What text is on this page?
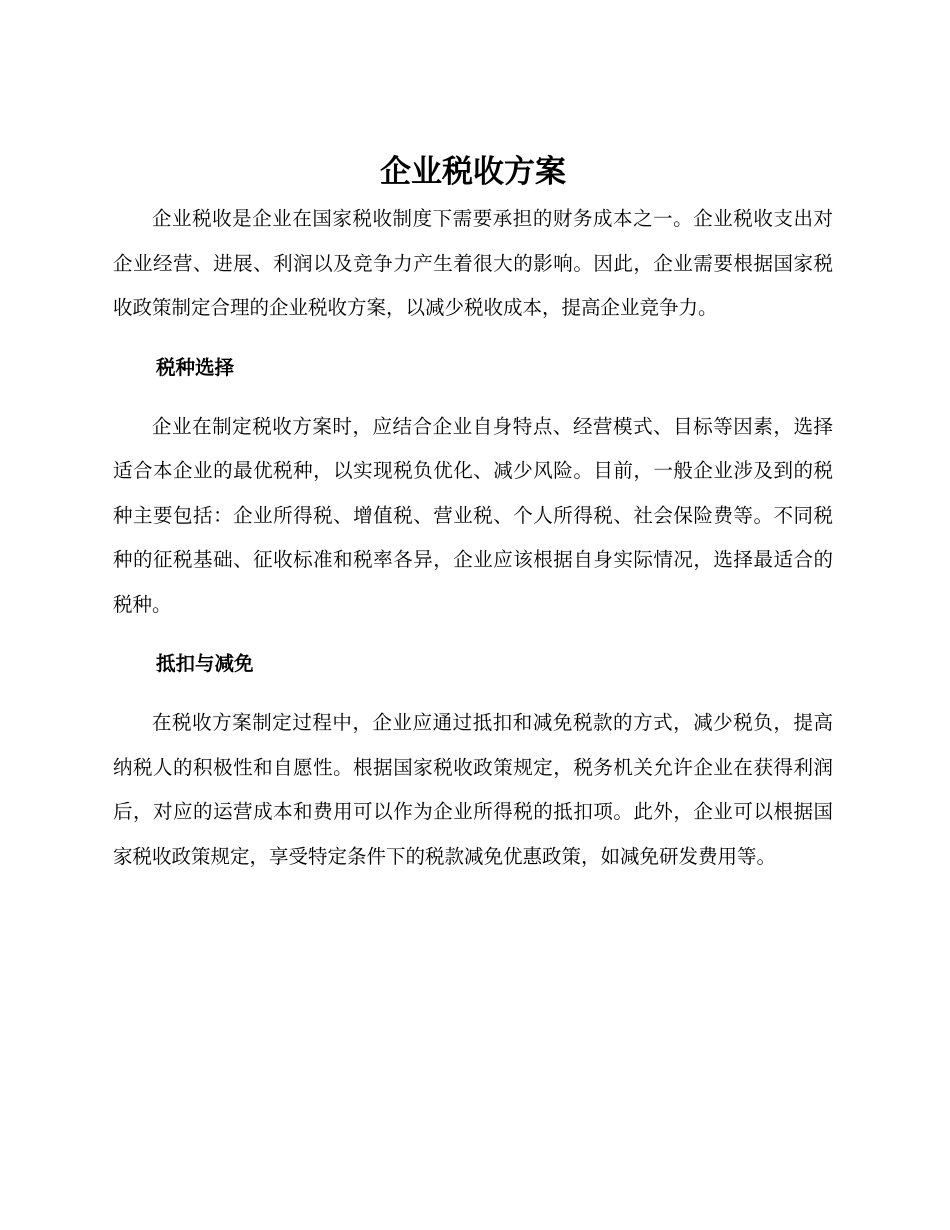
企业税收方案

企业税收是企业在国家税收制度下需要承担的财务成本之一。企业税收支出对企业经营、进展、利润以及竞争力产生着很大的影响。因此，企业需要根据国家税收政策制定合理的企业税收方案，以减少税收成本，提高企业竞争力。

税种选择

企业在制定税收方案时，应结合企业自身特点、经营模式、目标等因素，选择适合本企业的最优税种，以实现税负优化、减少风险。目前，一般企业涉及到的税种主要包括：企业所得税、增值税、营业税、个人所得税、社会保险费等。不同税种的征税基础、征收标准和税率各异，企业应该根据自身实际情况，选择最适合的税种。

抵扣与减免

在税收方案制定过程中，企业应通过抵扣和减免税款的方式，减少税负，提高纳税人的积极性和自愿性。根据国家税收政策规定，税务机关允许企业在获得利润后，对应的运营成本和费用可以作为企业所得税的抵扣项。此外，企业可以根据国家税收政策规定，享受特定条件下的税款减免优惠政策，如减免研发费用等。
